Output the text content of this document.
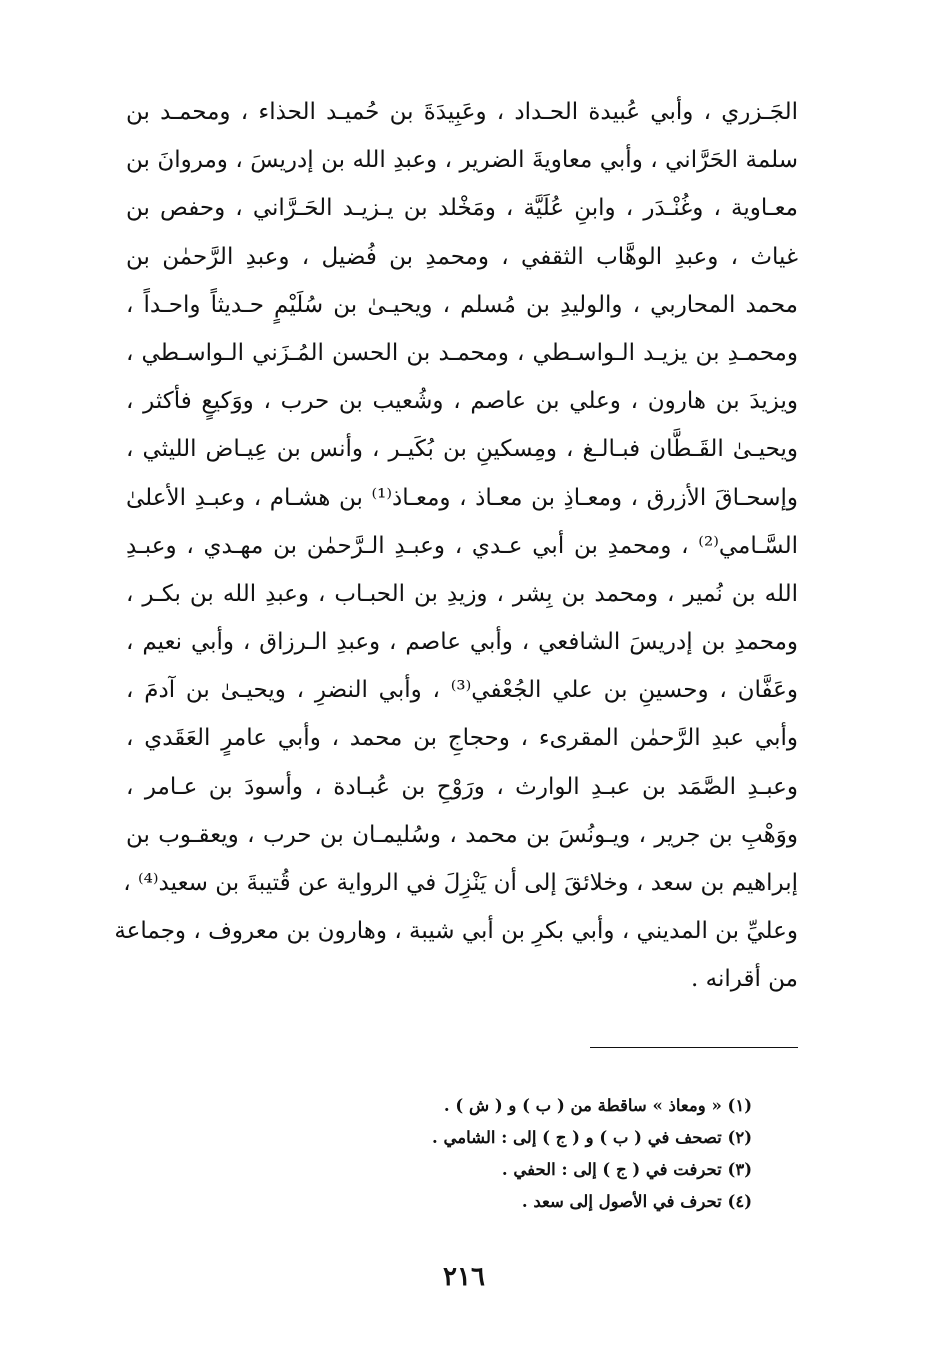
الجَـزري ، وأبي عُبيدة الحـداد ، وعَبِيدَةَ بن حُميـد الحذاء ، ومحمـد بن
سلمة الحَرَّاني ، وأبي معاويةَ الضرير ، وعبدِ الله بن إدريسَ ، ومروانَ بن
معـاوية ، وغُنْـدَر ، وابنِ عُلَيَّة ، ومَخْلد بن يـزيـد الحَـرَّاني ، وحفص بن
غياث ، وعبدِ الوهَّاب الثقفي ، ومحمدِ بن فُضيل ، وعبدِ الرَّحمٰن بن
محمد المحاربي ، والوليدِ بن مُسلم ، ويحيـىٰ بن سُلَيْمٍ حـديثاً واحـداً ،
ومحمـدِ بن يزيـد الـواسـطي ، ومحمـد بن الحسن المُـزَني الـواسـطي ،
ويزيدَ بن هارون ، وعلي بن عاصم ، وشُعيب بن حرب ، ووَكيعٍ فأكثر ،
ويحيـىٰ القَـطَّان فبـالـغ ، ومِسكينِ بن بُكَيـر ، وأنس بن عِيـاض الليثي ،
وإسحـاقَ الأزرق ، ومعـاذِ بن معـاذ ، ومعـاذ⁽¹⁾ بن هشـام ، وعبـدِ الأعلىٰ
السَّـامي⁽²⁾ ، ومحمدِ بن أبي عـدي ، وعبـدِ الـرَّحمٰن بن مهـدي ، وعبـدِ
الله بن نُمير ، ومحمد بن بِشر ، وزيدِ بن الحبـاب ، وعبدِ الله بن بكـر ،
ومحمدِ بن إدريسَ الشافعي ، وأبي عاصم ، وعبدِ الـرزاق ، وأبي نعيم ،
وعَفَّان ، وحسينِ بن علي الجُعْفي⁽³⁾ ، وأبي النضرِ ، ويحيـىٰ بن آدمَ ،
وأبي عبدِ الرَّحمٰن المقرىء ، وحجاجِ بن محمد ، وأبي عامرٍ العَقَدي ،
وعبـدِ الصَّمَد بن عبـدِ الوارث ، ورَوْحِ بن عُبـادة ، وأسودَ بن عـامر ،
ووَهْبِ بن جرير ، ويـونُسَ بن محمد ، وسُليمـان بن حرب ، ويعقـوب بن
إبراهيم بن سعد ، وخلائقَ إلى أن يَنْزِلَ في الرواية عن قُتيبةَ بن سعيد⁽⁴⁾ ،
وعليِّ بن المديني ، وأبي بكرِ بن أبي شيبة ، وهارون بن معروف ، وجماعة
من أقرانه .
(١) « ومعاذ » ساقطة من ( ب ) و ( ش ) .
(٢) تصحف في ( ب ) و ( ج ) إلى : الشامي .
(٣) تحرفت في ( ج ) إلى : الحفي .
(٤) تحرف في الأصول إلى سعد .
٢١٦
